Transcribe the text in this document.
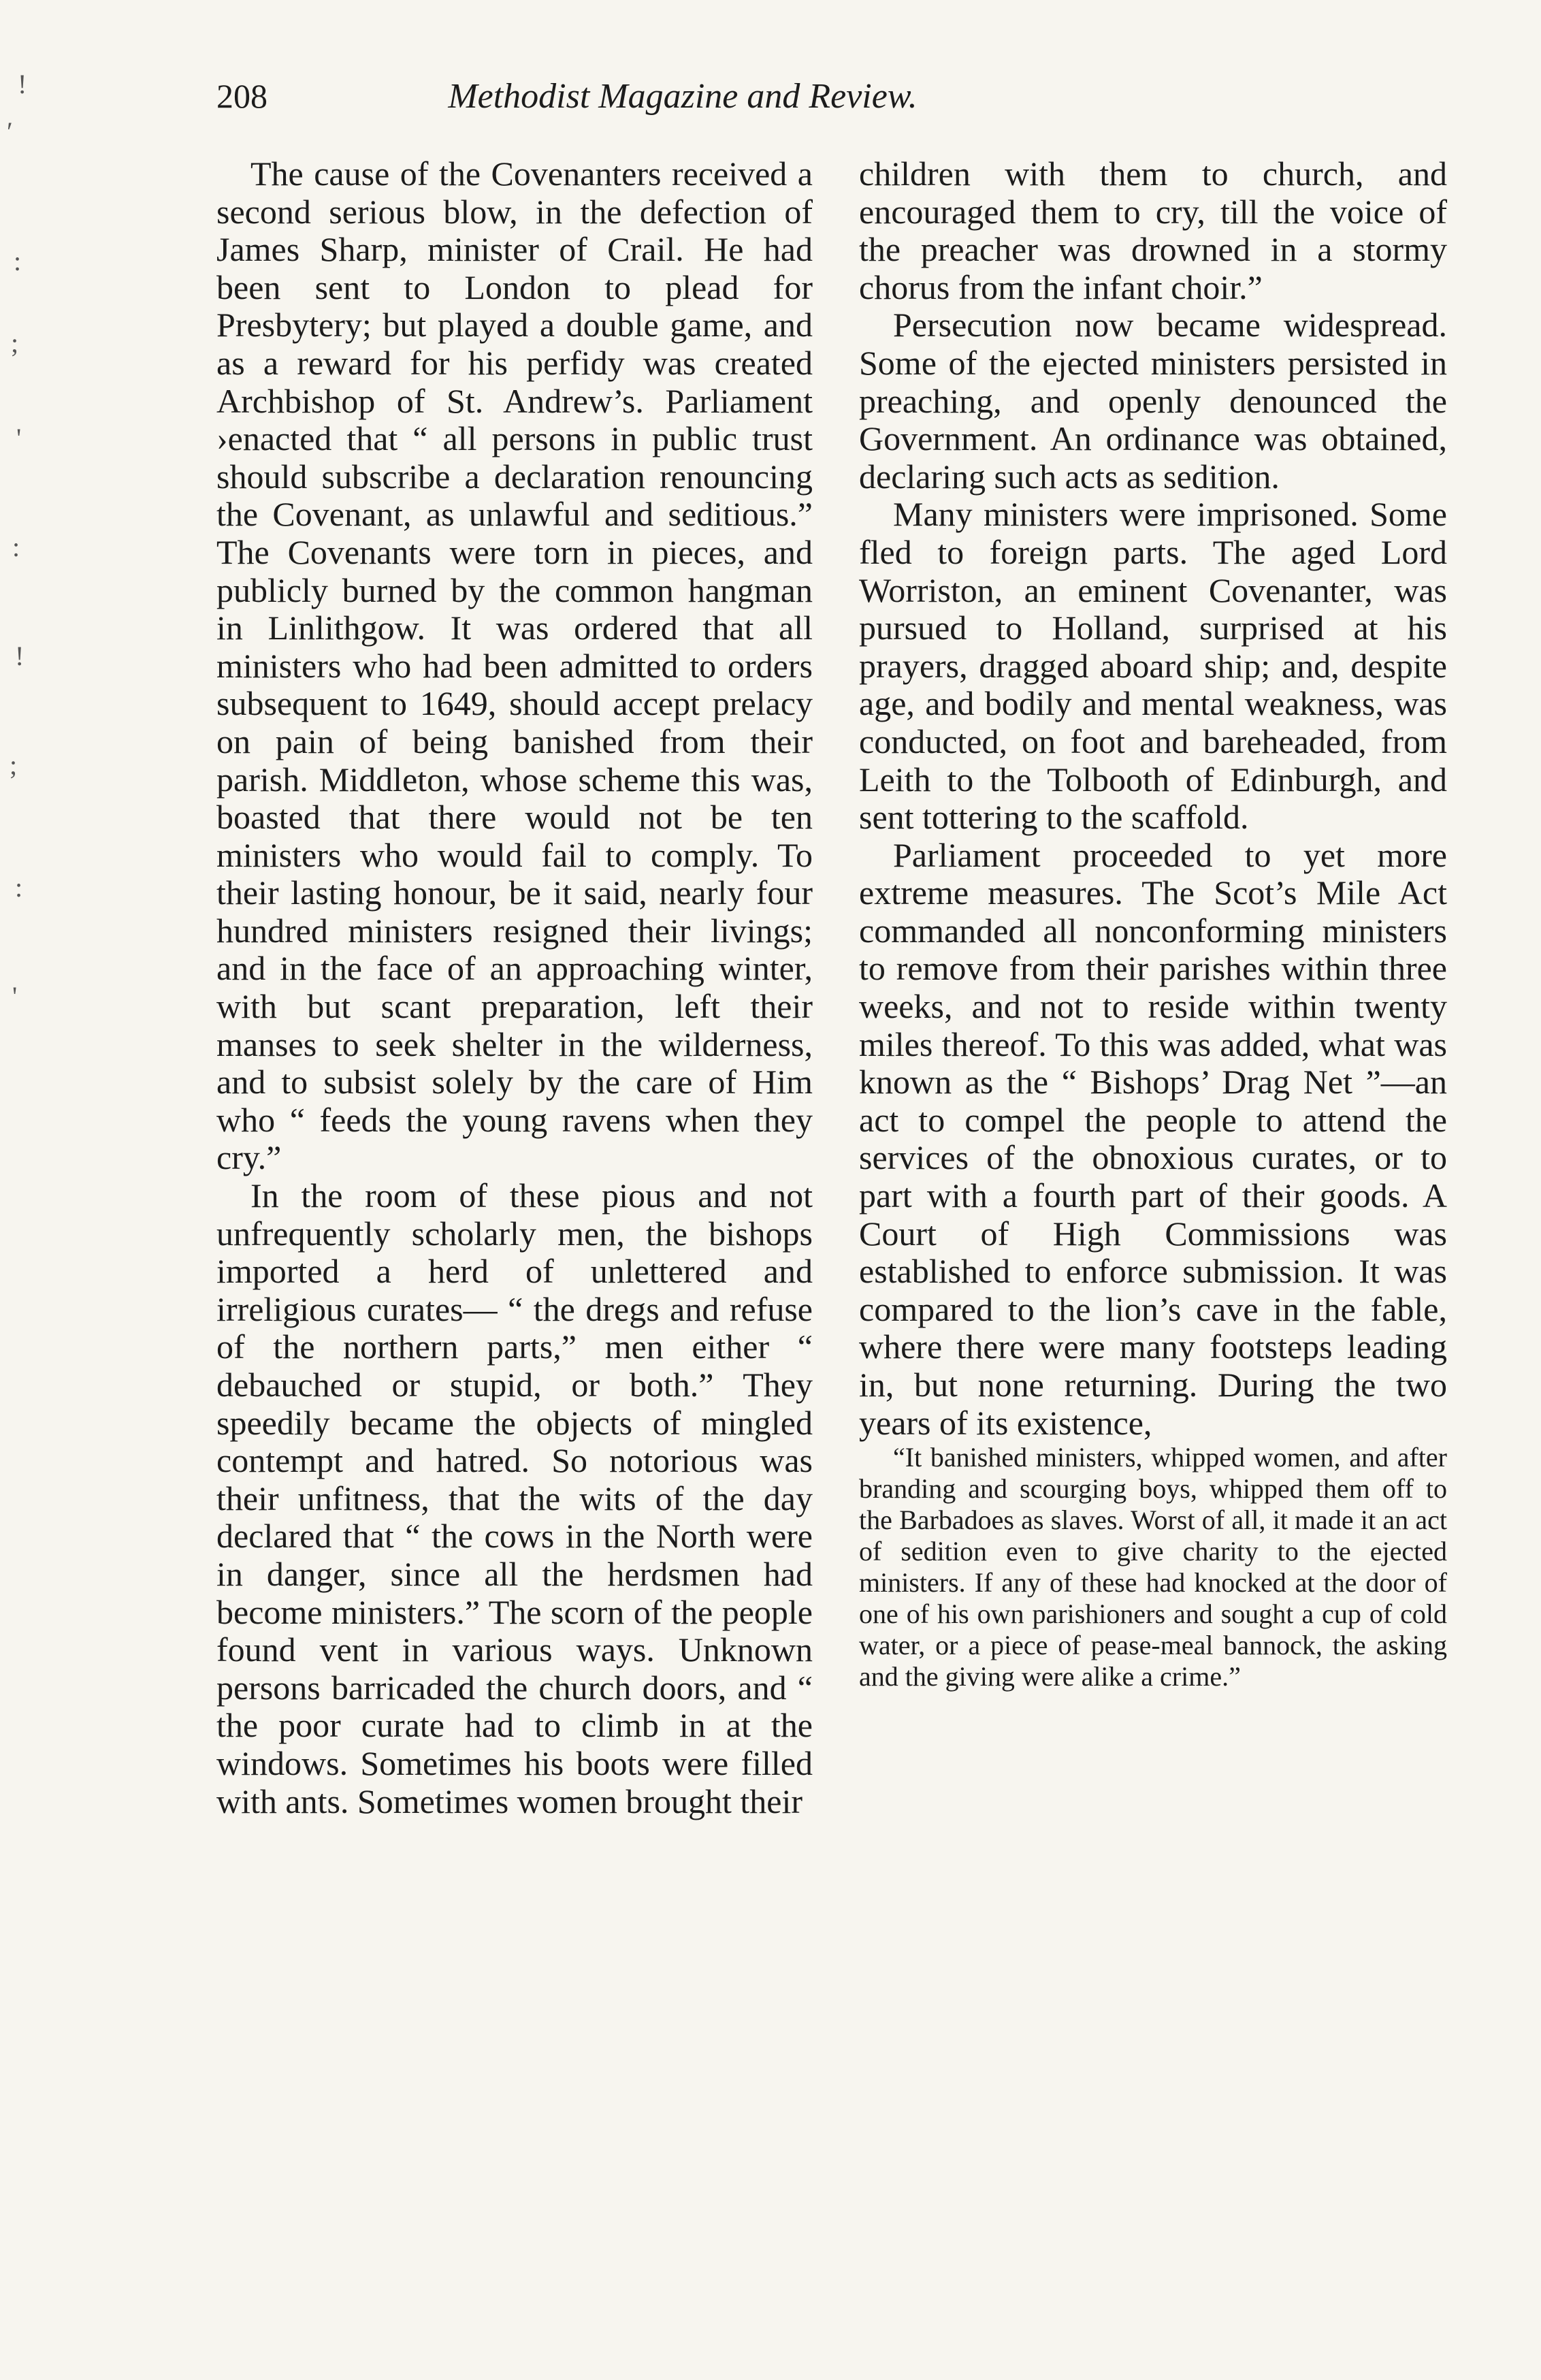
!
ʹ
:
;
'
:
!
;
:
'
208	Methodist Magazine and Review.

The cause of the Covenanters received a second serious blow, in the defection of James Sharp, minister of Crail. He had been sent to London to plead for Presbytery; but played a double game, and as a reward for his perfidy was created Archbishop of St. Andrew’s. Parliament ›enacted that “ all persons in public trust should subscribe a declaration renouncing the Covenant, as unlawful and seditious.” The Covenants were torn in pieces, and publicly burned by the common hangman in Linlithgow. It was ordered that all ministers who had been admitted to orders subsequent to 1649, should accept prelacy on pain of being banished from their parish. Middleton, whose scheme this was, boasted that there would not be ten ministers who would fail to comply. To their lasting honour, be it said, nearly four hundred ministers resigned their livings; and in the face of an approaching winter, with but scant preparation, left their manses to seek shelter in the wilderness, and to subsist solely by the care of Him who “ feeds the young ravens when they cry.”

In the room of these pious and not unfrequently scholarly men, the bishops imported a herd of unlettered and irreligious curates— “ the dregs and refuse of the northern parts,” men either “ debauched or stupid, or both.” They speedily became the objects of mingled contempt and hatred. So notorious was their unfitness, that the wits of the day declared that “ the cows in the North were in danger, since all the herdsmen had become ministers.” The scorn of the people found vent in various ways. Unknown persons barricaded the church doors, and “ the poor curate had to climb in at the windows. Sometimes his boots were filled with ants. Sometimes women brought their

children with them to church, and encouraged them to cry, till the voice of the preacher was drowned in a stormy chorus from the infant choir.”

Persecution now became widespread. Some of the ejected ministers persisted in preaching, and openly denounced the Government. An ordinance was obtained, declaring such acts as sedition.

Many ministers were imprisoned. Some fled to foreign parts. The aged Lord Worriston, an eminent Covenanter, was pursued to Holland, surprised at his prayers, dragged aboard ship; and, despite age, and bodily and mental weakness, was conducted, on foot and bareheaded, from Leith to the Tolbooth of Edinburgh, and sent tottering to the scaffold.

Parliament proceeded to yet more extreme measures. The Scot’s Mile Act commanded all nonconforming ministers to remove from their parishes within three weeks, and not to reside within twenty miles thereof. To this was added, what was known as the “ Bishops’ Drag Net ”—an act to compel the people to attend the services of the obnoxious curates, or to part with a fourth part of their goods. A Court of High Commissions was established to enforce submission. It was compared to the lion’s cave in the fable, where there were many footsteps leading in, but none returning. During the two years of its existence,

“It banished ministers, whipped women, and after branding and scourging boys, whipped them off to the Barbadoes as slaves. Worst of all, it made it an act of sedition even to give charity to the ejected ministers. If any of these had knocked at the door of one of his own parishioners and sought a cup of cold water, or a piece of pease-meal bannock, the asking and the giving were alike a crime.”
